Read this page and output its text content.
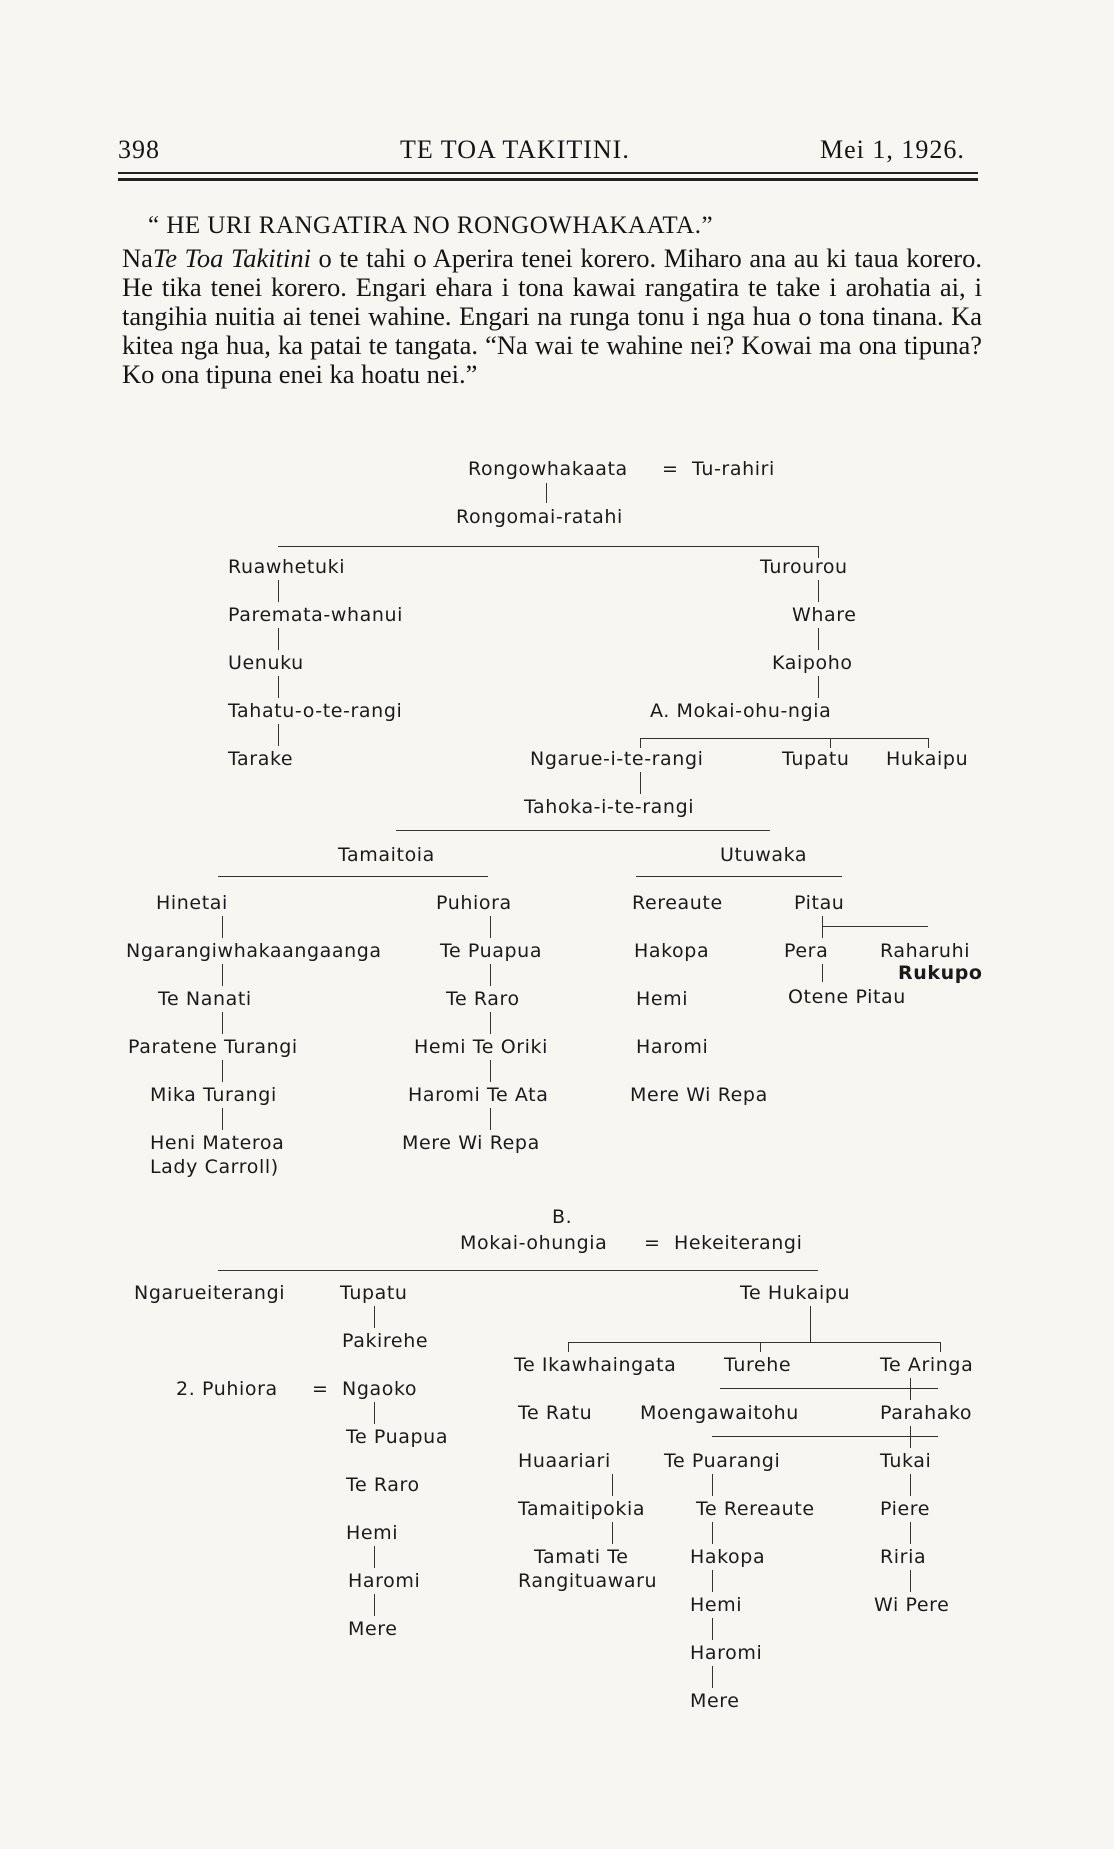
398	TE TOA TAKITINI.	Mei 1, 1926.
“ HE URI RANGATIRA NO RONGOWHAKAATA.”
NaTe Toa Takitini o te tahi o Aperira tenei korero. Miharo ana au ki taua korero. He tika tenei korero. Engari ehara i tona kawai rangatira te take i arohatia ai, i tangihia nuitia ai tenei wahine. Engari na runga tonu i nga hua o tona tinana. Ka kitea nga hua, ka patai te tangata. “Na wai te wahine nei? Kowai ma ona tipuna? Ko ona tipuna enei ka hoatu nei.”
Rongowhakaata = Tu-rahiri
Rongomai-ratahi
Ruawhetuki
Paremata-whanui
Uenuku
Tahatu-o-te-rangi
Tarake
Turourou
Whare
Kaipoho
A. Mokai-ohu-ngia
Ngarue-i-te-rangi	Tupatu Hukaipu
Tahoka-i-te-rangi
Tamaitoia	Utuwaka
Hinetai
Ngarangiwhakaangaanga
Te Nanati
Paratene Turangi
Mika Turangi
Heni Materoa
Lady Carroll)
Puhiora
Te Puapua
Te Raro
Hemi Te Oriki
Haromi Te Ata
Mere Wi Repa
Rereaute
Hakopa
Hemi
Haromi
Mere Wi Repa
Pitau
Pera	Raharuhi
Rukupo
Otene Pitau
B.
Mokai-ohungia = Hekeiterangi
Ngarueiterangi	Tupatu
Pakirehe
2. Puhiora = Ngaoko
Te Puapua
Te Raro
Hemi
Haromi
Mere
Te Hukaipu
Te Ikawhaingata	Turehe	Te Aringa
Te Ratu
Huaariari
Tamaitipokia
Tamati Te
Rangituawaru
Moengawaitohu
Te Puarangi
Te Rereaute
Hakopa
Hemi
Haromi
Mere
Parahako
Tukai
Piere
Riria
Wi Pere
